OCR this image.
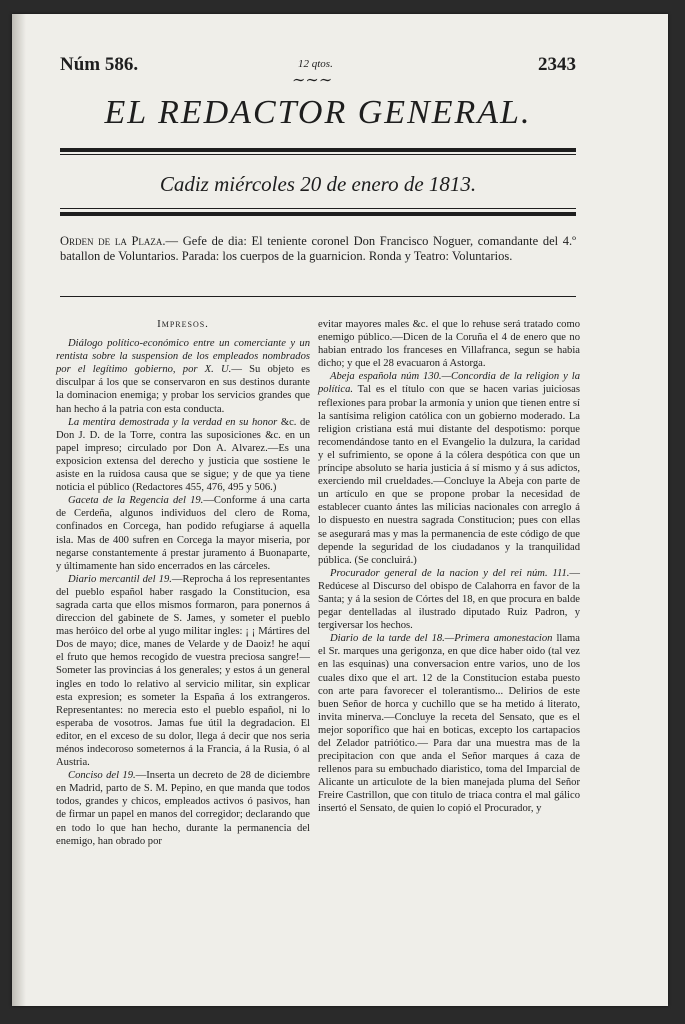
Núm 586.	12 qtos.
∼∼∼
2343
EL REDACTOR GENERAL.
Cadiz miércoles 20 de enero de 1813.
Orden de la Plaza.— Gefe de dia: El teniente coronel Don Francisco Noguer, comandante del 4.º batallon de Voluntarios. Parada: los cuerpos de la guarnicion. Ronda y Teatro: Voluntarios.
Impresos.

Diálogo político-económico entre un comerciante y un rentista sobre la suspension de los empleados nombrados por el legítimo gobierno, por X. U.— Su objeto es disculpar á los que se conservaron en sus destinos durante la dominacion enemiga; y probar los servicios grandes que han hecho á la patria con esta conducta.

La mentira demostrada y la verdad en su honor &c. de Don J. D. de la Torre, contra las suposiciones &c. en un papel impreso; circulado por Don A. Alvarez.—Es una exposicion extensa del derecho y justicia que sostiene le asiste en la ruidosa causa que se sigue; y de que ya tiene noticia el público (Redactores 455, 476, 495 y 506.)

Gaceta de la Regencia del 19.—Conforme á una carta de Cerdeña, algunos individuos del clero de Roma, confinados en Corcega, han podido refugiarse á aquella isla. Mas de 400 sufren en Corcega la mayor miseria, por negarse constantemente á prestar juramento á Buonaparte, y últimamente han sido encerrados en las cárceles.

Diario mercantil del 19.—Reprocha á los representantes del pueblo español haber rasgado la Constitucion, esa sagrada carta que ellos mismos formaron, para ponernos á direccion del gabinete de S. James, y someter el pueblo mas heróico del orbe al yugo militar ingles: ¡ ¡ Mártires del Dos de mayo; dice, manes de Velarde y de Daoiz! he aquí el fruto que hemos recogido de vuestra preciosa sangre!—Someter las provincias á los generales; y estos á un general ingles en todo lo relativo al servicio militar, sin explicar esta expresion; es someter la España á los extrangeros. Representantes: no merecia esto el pueblo español, ni lo esperaba de vosotros. Jamas fue útil la degradacion. El editor, en el exceso de su dolor, llega á decir que nos seria ménos indecoroso someternos á la Francia, á la Rusia, ó al Austria.

Conciso del 19.—Inserta un decreto de 28 de diciembre en Madrid, parto de S. M. Pepino, en que manda que todos todos, grandes y chicos, empleados activos ó pasivos, han de firmar un papel en manos del corregidor; declarando que en todo lo que han hecho, durante la permanencia del enemigo, han obrado por

evitar mayores males &c. el que lo rehuse será tratado como enemigo público.—Dicen de la Coruña el 4 de enero que no habian entrado los franceses en Villafranca, segun se habia dicho; y que el 28 evacuaron á Astorga.

Abeja española núm 130.—Concordia de la religion y la política. Tal es el título con que se hacen varias juiciosas reflexiones para probar la armonía y union que tienen entre sí la santísima religion católica con un gobierno moderado. La religion cristiana está mui distante del despotismo: porque recomendándose tanto en el Evangelio la dulzura, la caridad y el sufrimiento, se opone á la cólera despótica con que un príncipe absoluto se haria justicia á sí mismo y á sus adictos, exerciendo mil crueldades.—Concluye la Abeja con parte de un artículo en que se propone probar la necesidad de establecer cuanto ántes las milicias nacionales con arreglo á lo dispuesto en nuestra sagrada Constitucion; pues con ellas se asegurará mas y mas la permanencia de este código de que depende la seguridad de los ciudadanos y la tranquilidad pública. (Se concluirá.)

Procurador general de la nacion y del rei núm. 111.—Redúcese al Discurso del obispo de Calahorra en favor de la Santa; y á la sesion de Córtes del 18, en que procura en balde pegar dentelladas al ilustrado diputado Ruiz Padron, y tergiversar los hechos.

Diario de la tarde del 18.—Primera amonestacion llama el Sr. marques una gerigonza, en que dice haber oido (tal vez en las esquinas) una conversacion entre varios, uno de los cuales dixo que el art. 12 de la Constitucion estaba puesto con arte para favorecer el tolerantismo... Delirios de este buen Señor de horca y cuchillo que se ha metido á literato, invita minerva.—Concluye la receta del Sensato, que es el mejor soporífico que hai en boticas, excepto los cartapacios del Zelador patriótico.— Para dar una muestra mas de la precipitacion con que anda el Señor marques á caza de rellenos para su embuchado diaristico, toma del Imparcial de Alicante un articulote de la bien manejada pluma del Señor Freire Castrillon, que con titulo de triaca contra el mal gálico insertó el Sensato, de quien lo copió el Procurador, y
